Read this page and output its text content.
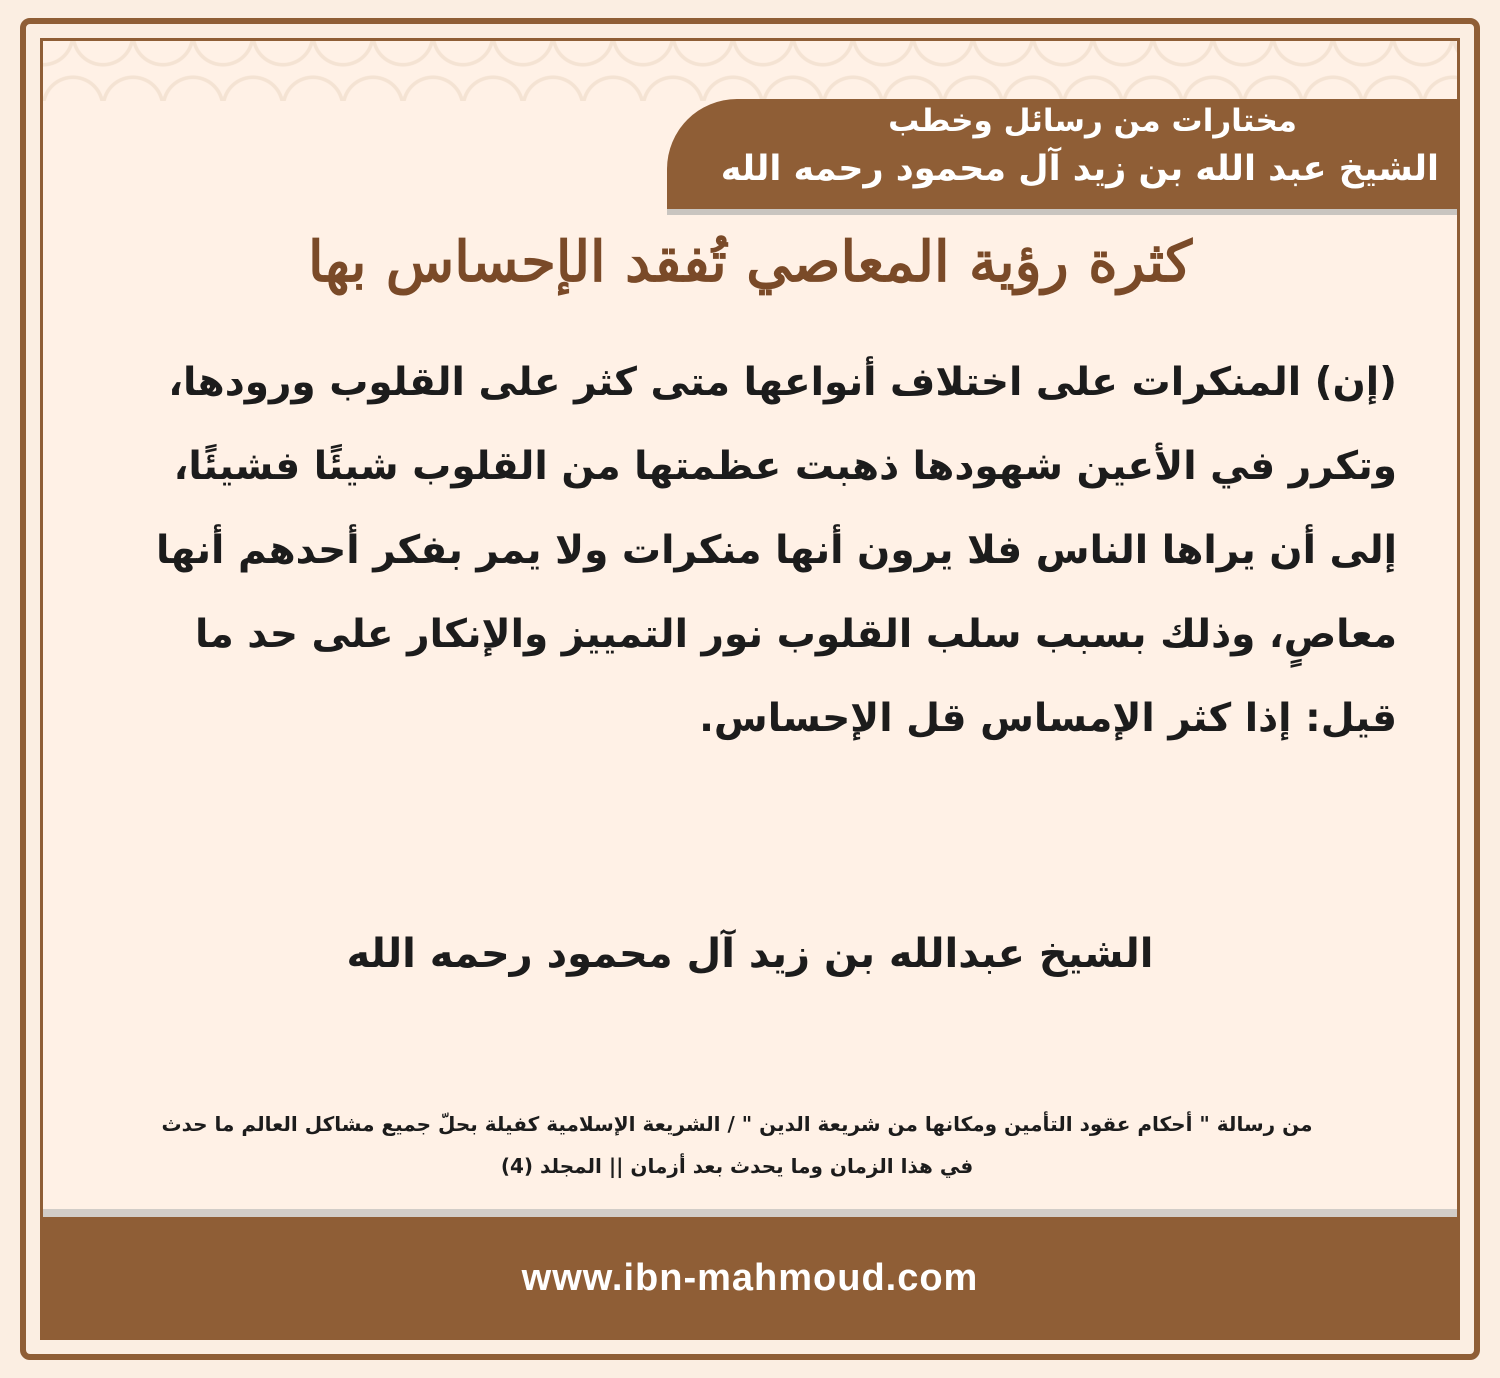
مختارات من رسائل وخطب
الشيخ عبد الله بن زيد آل محمود رحمه الله
كثرة رؤية المعاصي تُفقد الإحساس بها
(إن) المنكرات على اختلاف أنواعها متى كثر على القلوب ورودها، وتكرر في الأعين شهودها ذهبت عظمتها من القلوب شيئًا فشيئًا، إلى أن يراها الناس فلا يرون أنها منكرات ولا يمر بفكر أحدهم أنها معاصٍ، وذلك بسبب سلب القلوب نور التمييز والإنكار على حد ما قيل: إذا كثر الإمساس قل الإحساس.
الشيخ عبدالله بن زيد آل محمود رحمه الله
من رسالة " أحكام عقود التأمين ومكانها من شريعة الدين " / الشريعة الإسلامية كفيلة بحلّ جميع مشاكل العالم ما حدث
في هذا الزمان وما يحدث بعد أزمان || المجلد (4)
www.ibn-mahmoud.com
